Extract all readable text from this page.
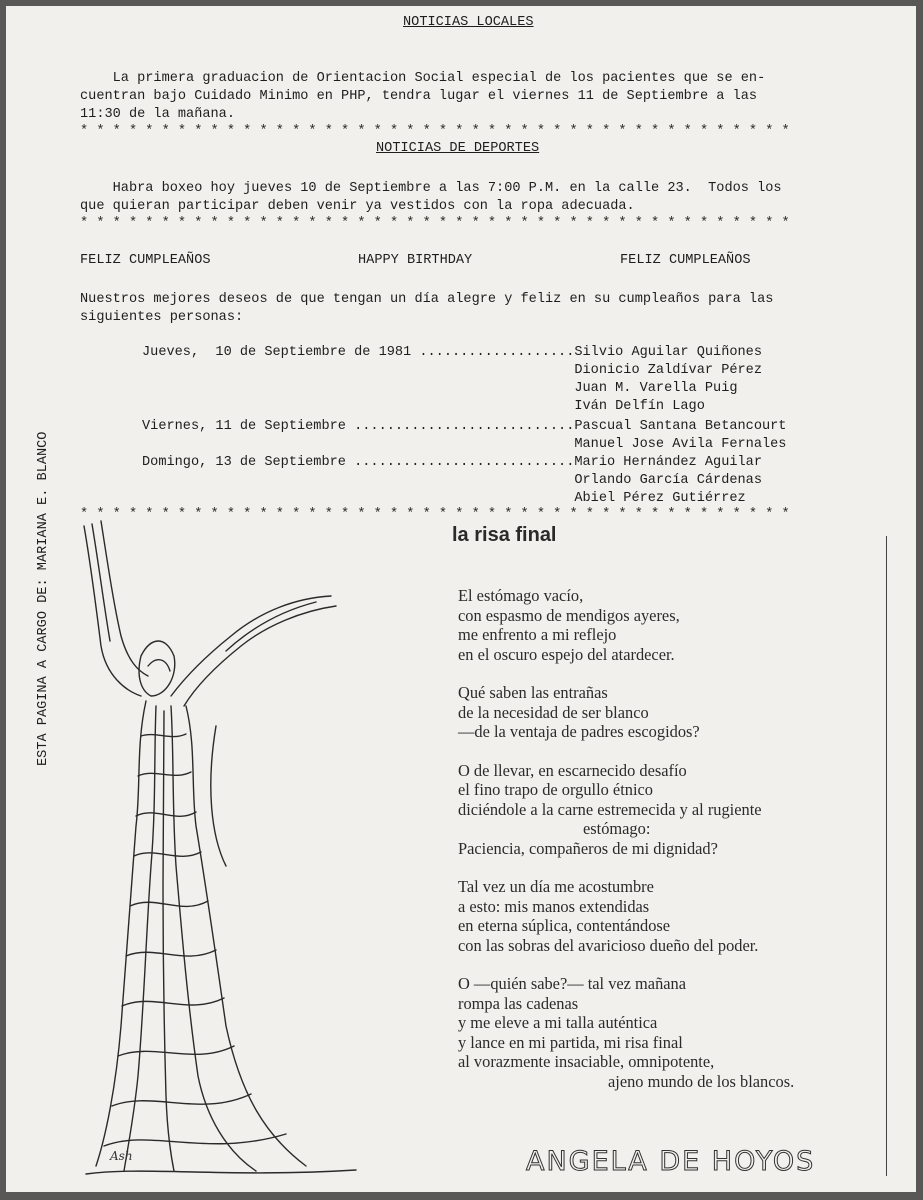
NOTICIAS LOCALES
La primera graduacion de Orientacion Social especial de los pacientes que se en-
cuentran bajo Cuidado Minimo en PHP, tendra lugar el viernes 11 de Septiembre a las
11:30 de la mañana.
* * * * * * * * * * * * * * * * * * * * * * * * * * * * * * * * * * * * * * * * * * * *
NOTICIAS DE DEPORTES
Habra boxeo hoy jueves 10 de Septiembre a las 7:00 P.M. en la calle 23.  Todos los
que quieran participar deben venir ya vestidos con la ropa adecuada.
* * * * * * * * * * * * * * * * * * * * * * * * * * * * * * * * * * * * * * * * * * * *
FELIZ CUMPLEAÑOS	HAPPY BIRTHDAY	FELIZ CUMPLEAÑOS
Nuestros mejores deseos de que tengan un día alegre y feliz en su cumpleaños para las
siguientes personas:
Jueves,  10 de Septiembre de 1981 ...................Silvio Aguilar Quiñones
Dionicio Zaldívar Pérez
Juan M. Varella Puig
Iván Delfín Lago
Viernes, 11 de Septiembre ...........................Pascual Santana Betancourt
Manuel Jose Avila Fernales
Domingo, 13 de Septiembre ...........................Mario Hernández Aguilar
Orlando García Cárdenas
Abiel Pérez Gutiérrez
* * * * * * * * * * * * * * * * * * * * * * * * * * * * * * * * * * * * * * * * * * * *
ESTA PAGINA A CARGO DE: MARIANA E. BLANCO
Ash
la risa final
El estómago vacío,
con espasmo de mendigos ayeres,
me enfrento a mi reflejo
en el oscuro espejo del atardecer.
Qué saben las entrañas
de la necesidad de ser blanco
—de la ventaja de padres escogidos?
O de llevar, en escarnecido desafío
el fino trapo de orgullo étnico
diciéndole a la carne estremecida y al rugiente
estómago:
Paciencia, compañeros de mi dignidad?
Tal vez un día me acostumbre
a esto: mis manos extendidas
en eterna súplica, contentándose
con las sobras del avaricioso dueño del poder.
O —quién sabe?— tal vez mañana
rompa las cadenas
y me eleve a mi talla auténtica
y lance en mi partida, mi risa final
al vorazmente insaciable, omnipotente,
ajeno mundo de los blancos.
ANGELA DE HOYOS
